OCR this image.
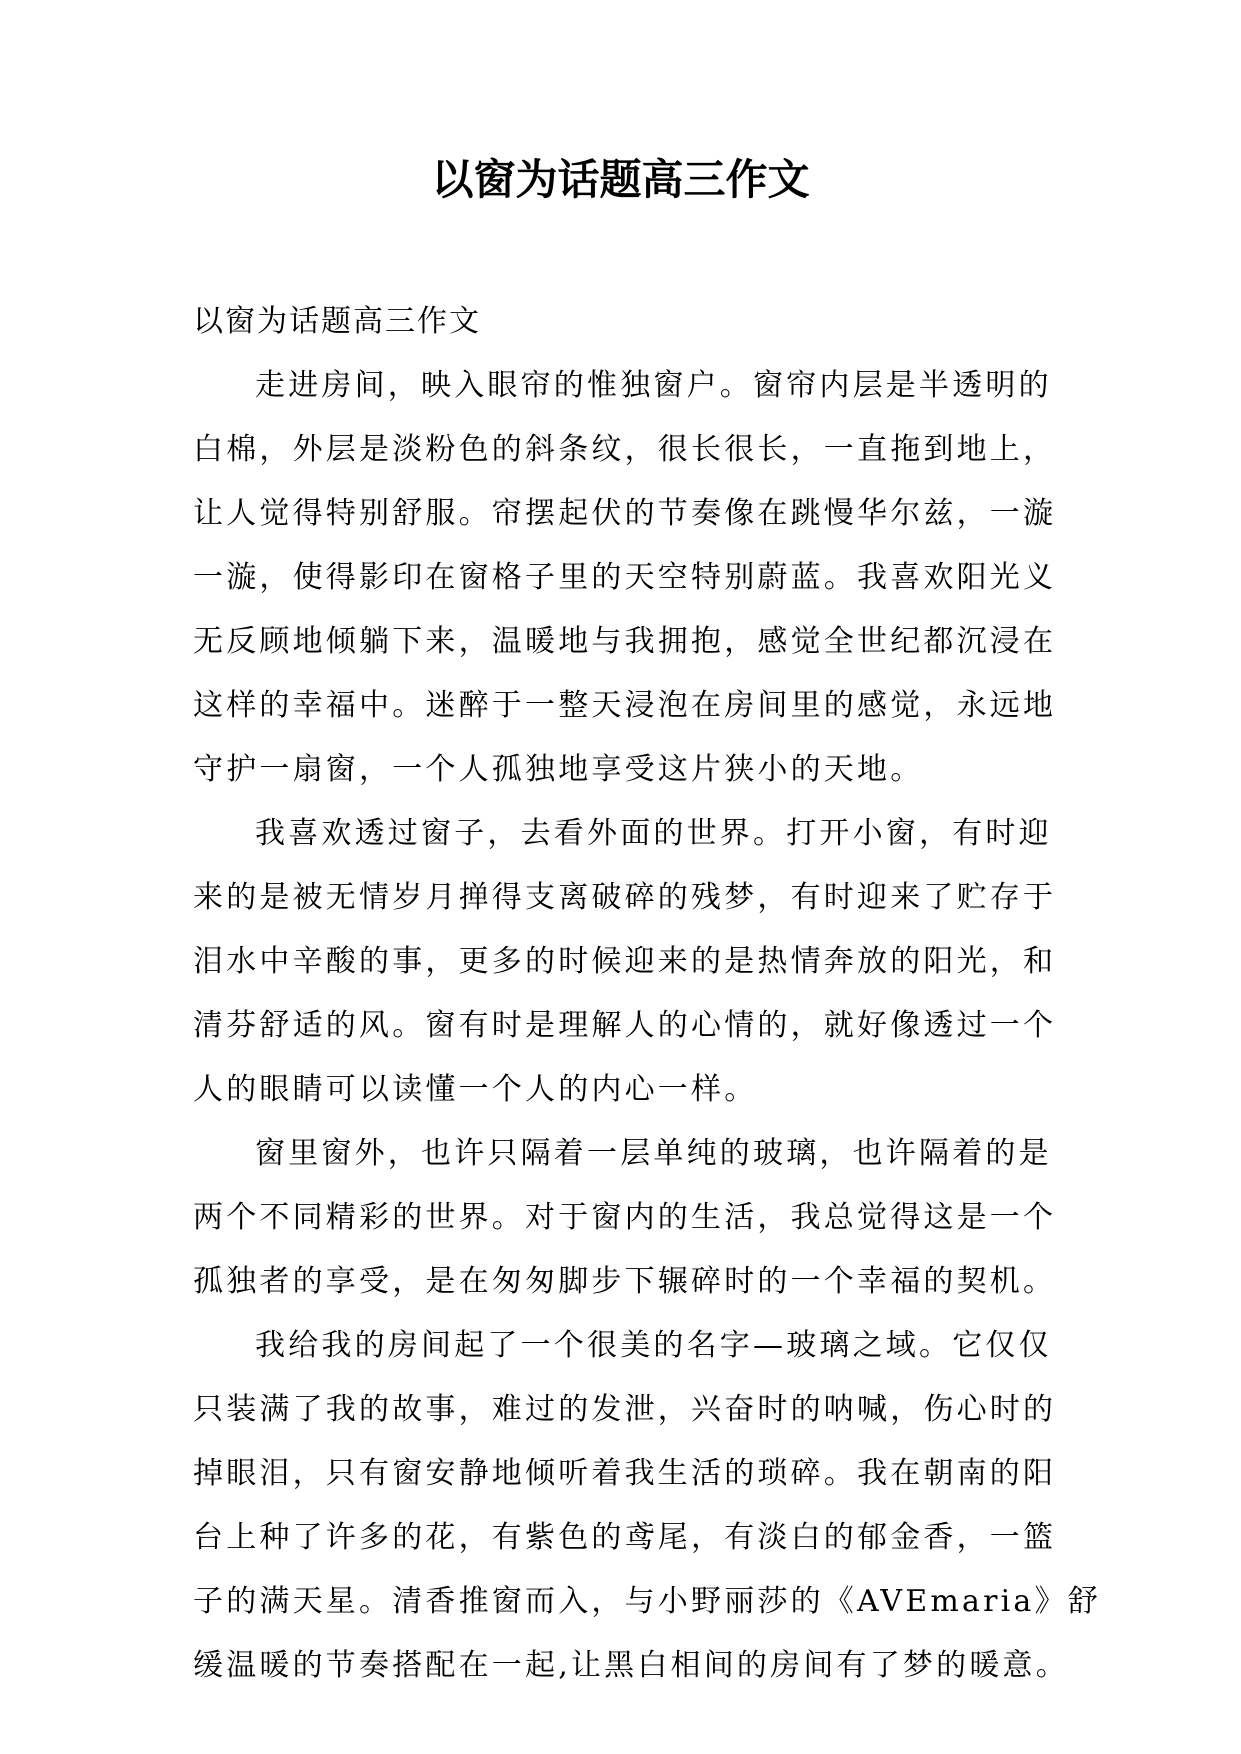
以窗为话题高三作文
以窗为话题高三作文
走进房间，映入眼帘的惟独窗户。窗帘内层是半透明的
白棉，外层是淡粉色的斜条纹，很长很长，一直拖到地上，
让人觉得特别舒服。帘摆起伏的节奏像在跳慢华尔兹，一漩
一漩，使得影印在窗格子里的天空特别蔚蓝。我喜欢阳光义
无反顾地倾躺下来，温暖地与我拥抱，感觉全世纪都沉浸在
这样的幸福中。迷醉于一整天浸泡在房间里的感觉，永远地
守护一扇窗，一个人孤独地享受这片狭小的天地。
我喜欢透过窗子，去看外面的世界。打开小窗，有时迎
来的是被无情岁月掸得支离破碎的残梦，有时迎来了贮存于
泪水中辛酸的事，更多的时候迎来的是热情奔放的阳光，和
清芬舒适的风。窗有时是理解人的心情的，就好像透过一个
人的眼睛可以读懂一个人的内心一样。
窗里窗外，也许只隔着一层单纯的玻璃，也许隔着的是
两个不同精彩的世界。对于窗内的生活，我总觉得这是一个
孤独者的享受，是在匆匆脚步下辗碎时的一个幸福的契机。
我给我的房间起了一个很美的名字—玻璃之域。它仅仅
只装满了我的故事，难过的发泄，兴奋时的呐喊，伤心时的
掉眼泪，只有窗安静地倾听着我生活的琐碎。我在朝南的阳
台上种了许多的花，有紫色的鸢尾，有淡白的郁金香，一篮
子的满天星。清香推窗而入，与小野丽莎的《AVEmaria》舒
缓温暖的节奏搭配在一起,让黑白相间的房间有了梦的暖意。
